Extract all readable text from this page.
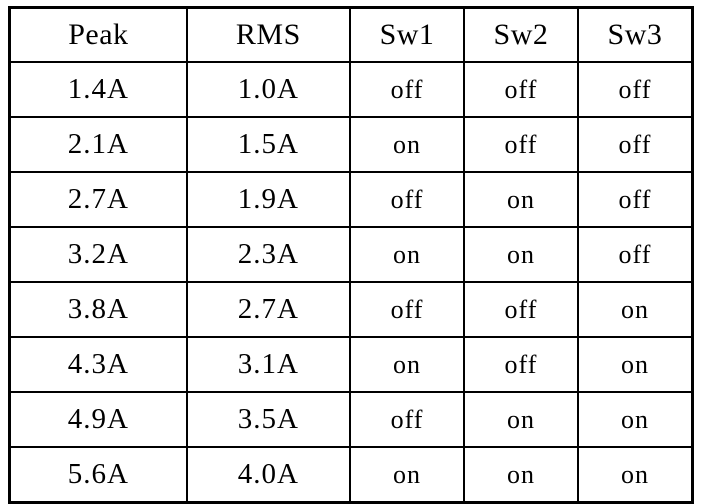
Peak	RMS	Sw1	Sw2	Sw3
1.4A	1.0A	off	off	off
2.1A	1.5A	on	off	off
2.7A	1.9A	off	on	off
3.2A	2.3A	on	on	off
3.8A	2.7A	off	off	on
4.3A	3.1A	on	off	on
4.9A	3.5A	off	on	on
5.6A	4.0A	on	on	on
